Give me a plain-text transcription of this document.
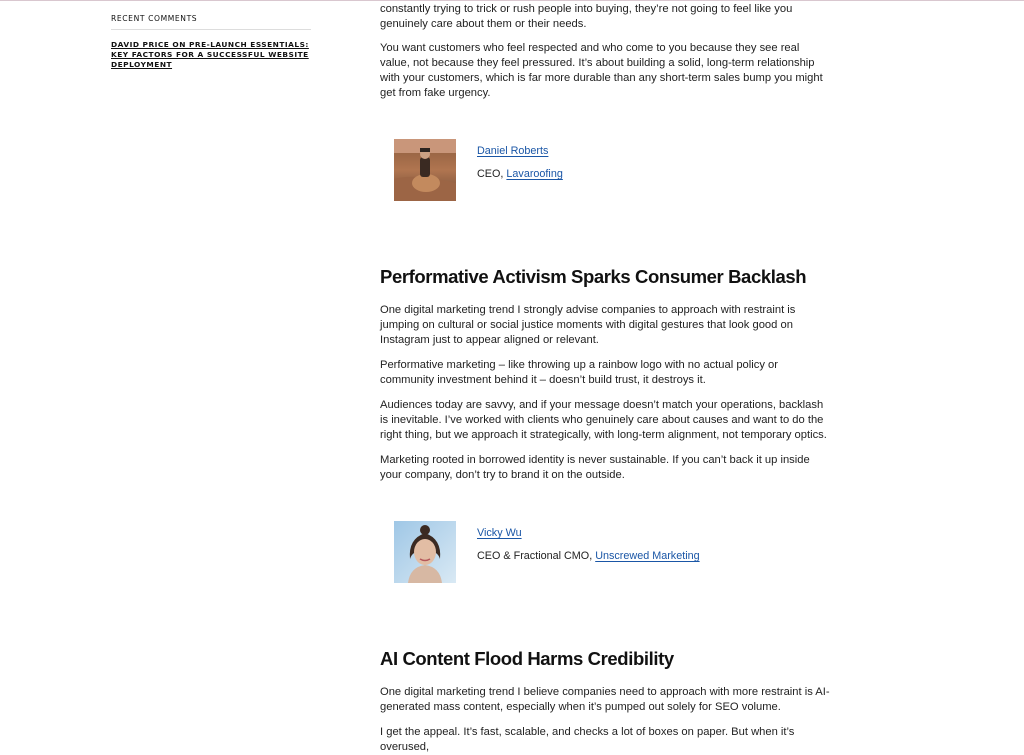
RECENT COMMENTS
DAVID PRICE ON PRE-LAUNCH ESSENTIALS: KEY FACTORS FOR A SUCCESSFUL WEBSITE DEPLOYMENT

constantly trying to trick or rush people into buying, they’re not going to feel like you genuinely care about them or their needs.

You want customers who feel respected and who come to you because they see real value, not because they feel pressured. It’s about building a solid, long-term relationship with your customers, which is far more durable than any short-term sales bump you might get from fake urgency.

Daniel Roberts
CEO, Lavaroofing
Performative Activism Sparks Consumer Backlash

One digital marketing trend I strongly advise companies to approach with restraint is jumping on cultural or social justice moments with digital gestures that look good on Instagram just to appear aligned or relevant.

Performative marketing – like throwing up a rainbow logo with no actual policy or community investment behind it – doesn’t build trust, it destroys it.

Audiences today are savvy, and if your message doesn’t match your operations, backlash is inevitable. I’ve worked with clients who genuinely care about causes and want to do the right thing, but we approach it strategically, with long-term alignment, not temporary optics.

Marketing rooted in borrowed identity is never sustainable. If you can’t back it up inside your company, don’t try to brand it on the outside.

Vicky Wu
CEO & Fractional CMO, Unscrewed Marketing
AI Content Flood Harms Credibility

One digital marketing trend I believe companies need to approach with more restraint is AI-generated mass content, especially when it’s pumped out solely for SEO volume.

I get the appeal. It’s fast, scalable, and checks a lot of boxes on paper. But when it’s overused,
